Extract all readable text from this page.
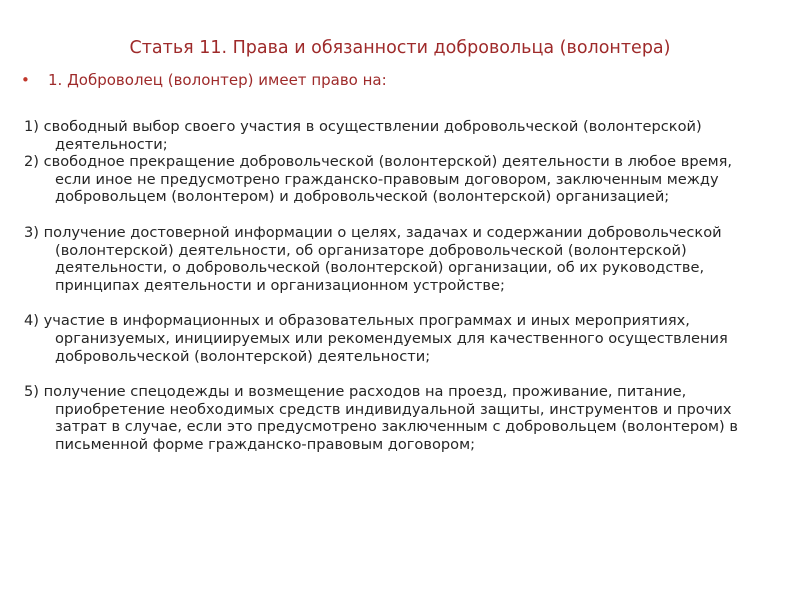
Статья 11. Права и обязанности добровольца (волонтера)
•	1. Доброволец (волонтер) имеет право на:

1) свободный выбор своего участия в осуществлении добровольческой (волонтерской) деятельности;

2) свободное прекращение добровольческой (волонтерской) деятельности в любое время, если иное не предусмотрено гражданско-правовым договором, заключенным между добровольцем (волонтером) и добровольческой (волонтерской) организацией;

3) получение достоверной информации о целях, задачах и содержании добровольческой (волонтерской) деятельности, об организаторе добровольческой (волонтерской) деятельности, о добровольческой (волонтерской) организации, об их руководстве, принципах деятельности и организационном устройстве;

4) участие в информационных и образовательных программах и иных мероприятиях, организуемых, инициируемых или рекомендуемых для качественного осуществления добровольческой (волонтерской) деятельности;

5) получение спецодежды и возмещение расходов на проезд, проживание, питание, приобретение необходимых средств индивидуальной защиты, инструментов и прочих затрат в случае, если это предусмотрено заключенным с добровольцем (волонтером) в письменной форме гражданско-правовым договором;
